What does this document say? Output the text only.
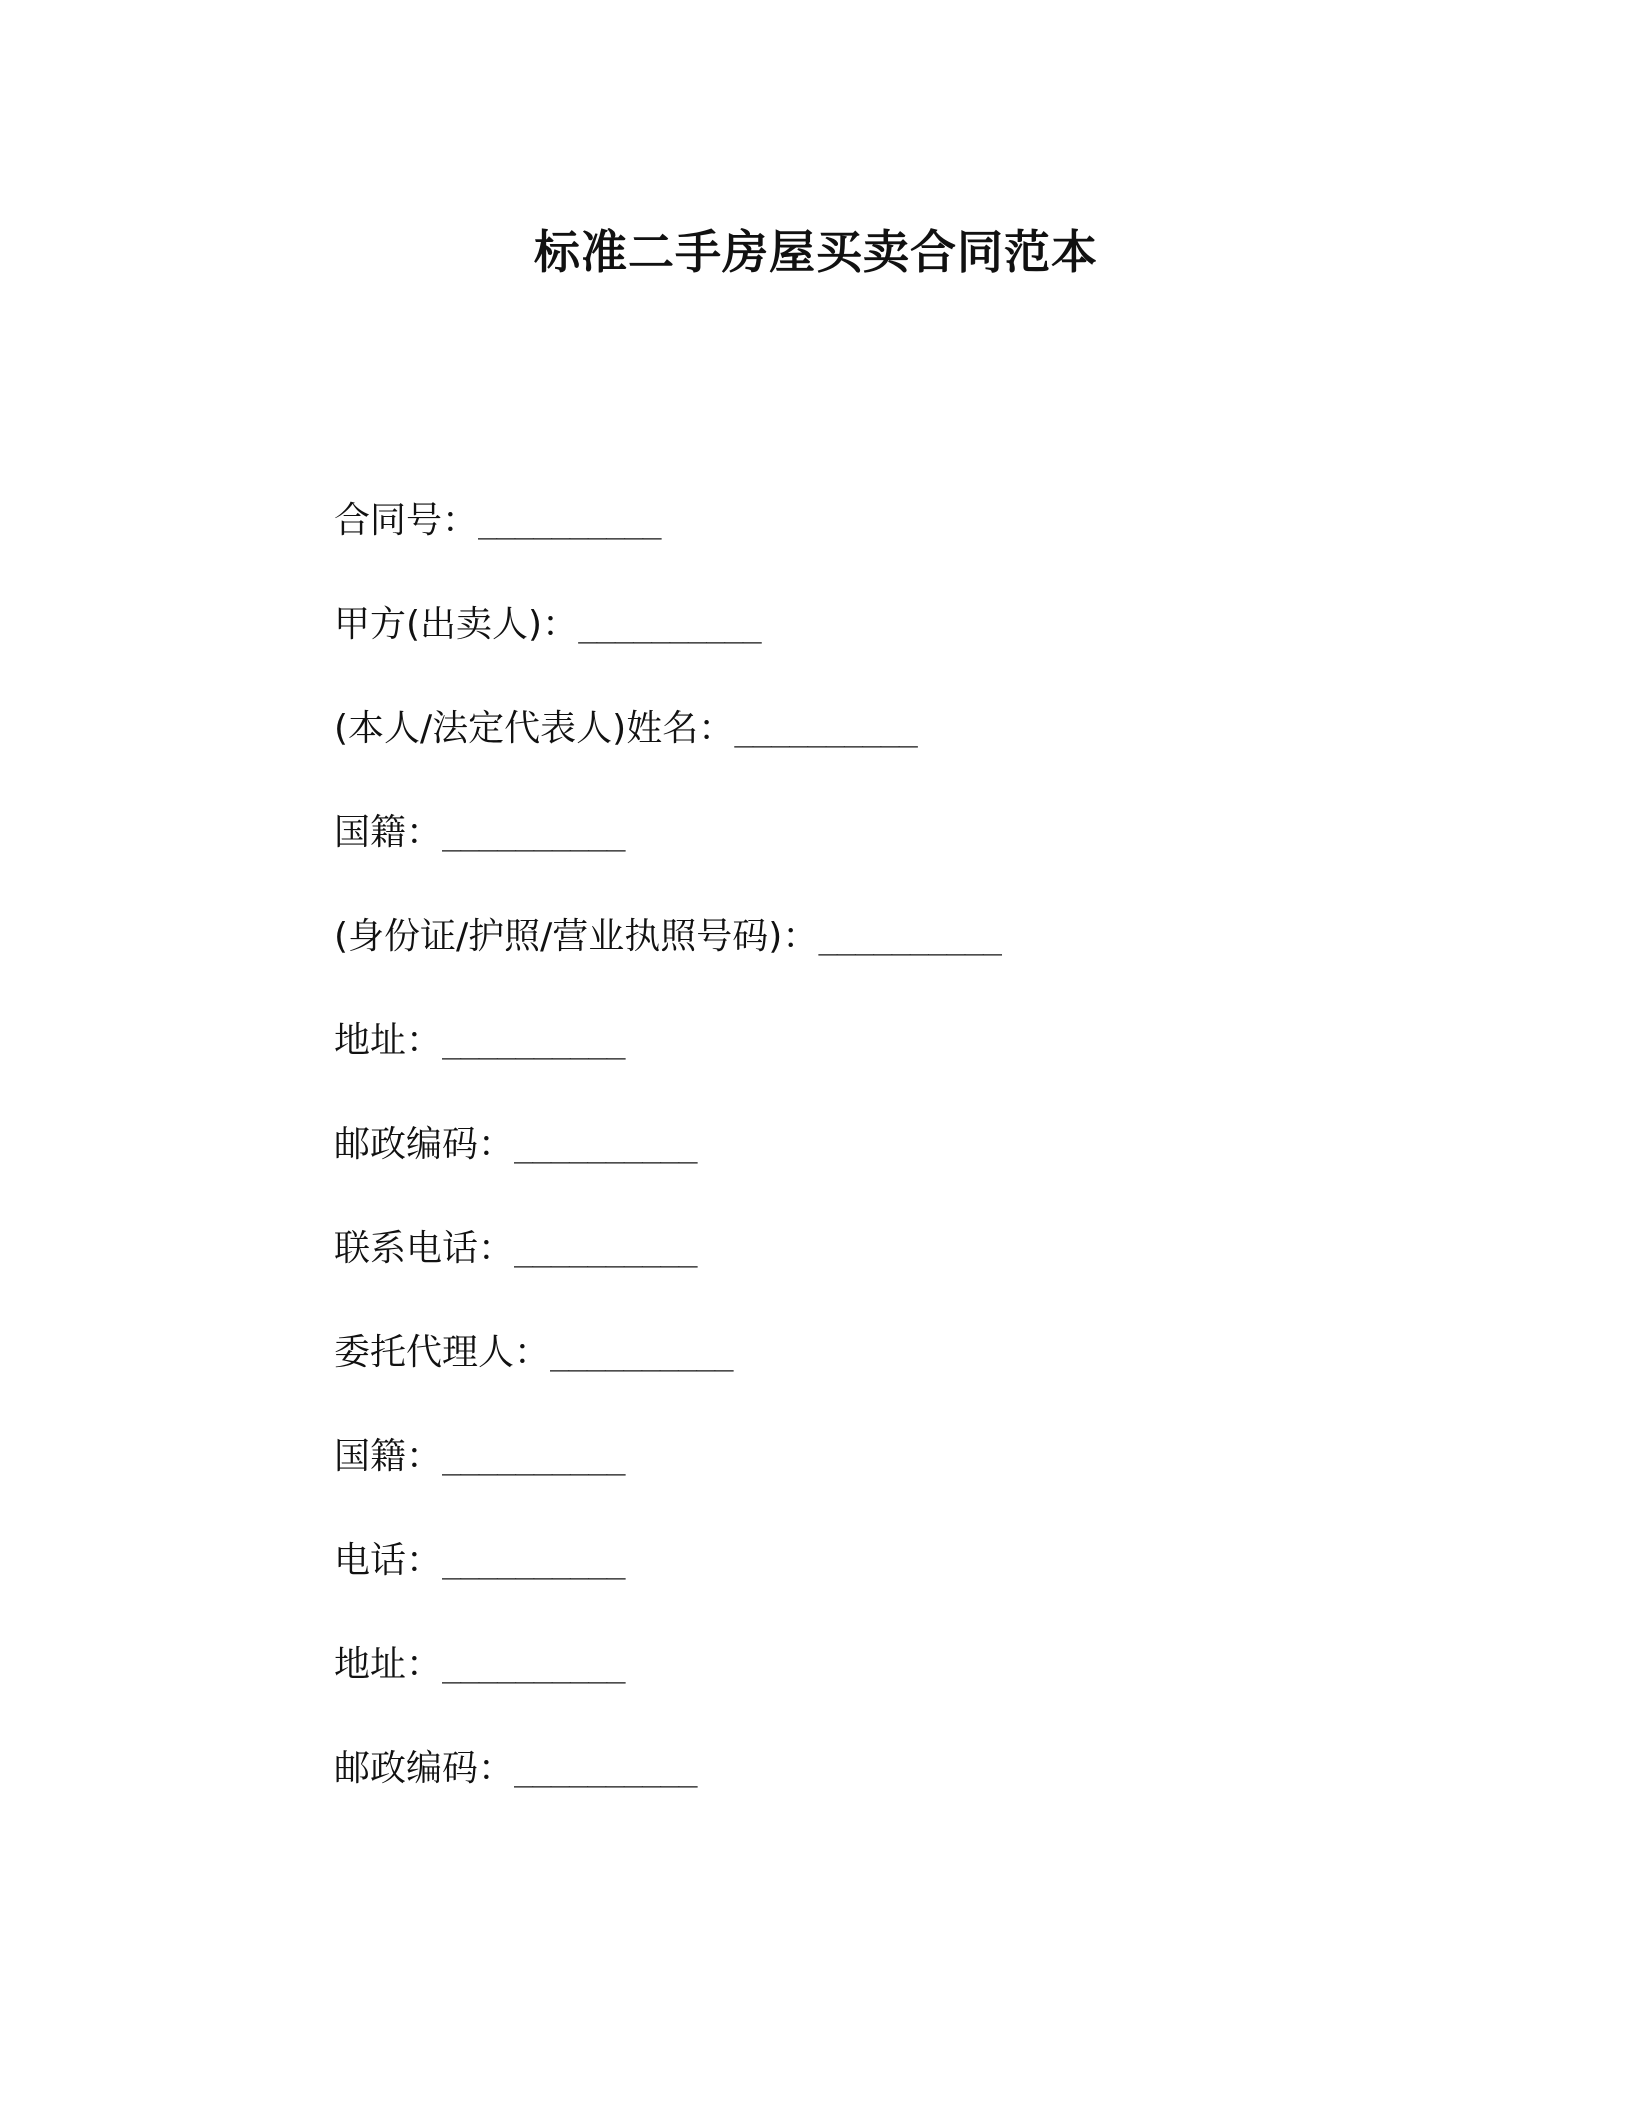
标准二手房屋买卖合同范本
合同号：__________
甲方(出卖人)：__________
(本人/法定代表人)姓名：__________
国籍：__________
(身份证/护照/营业执照号码)：__________
地址：__________
邮政编码：__________
联系电话：__________
委托代理人：__________
国籍：__________
电话：__________
地址：__________
邮政编码：__________
